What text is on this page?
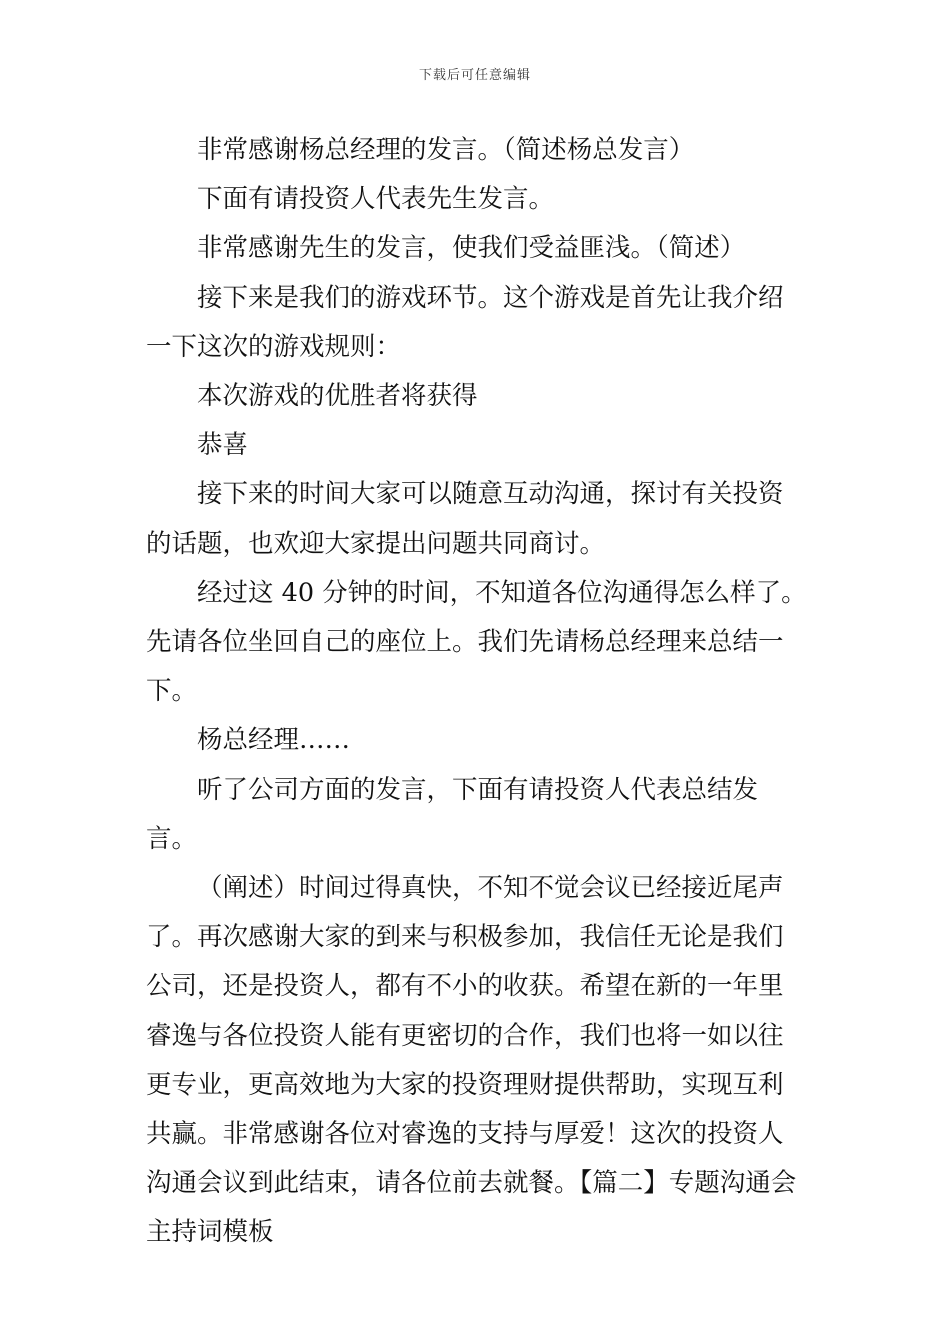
下载后可任意编辑

非常感谢杨总经理的发言。（简述杨总发言）

下面有请投资人代表先生发言。

非常感谢先生的发言，使我们受益匪浅。（简述）

接下来是我们的游戏环节。这个游戏是首先让我介绍一下这次的游戏规则：

本次游戏的优胜者将获得

恭喜

接下来的时间大家可以随意互动沟通，探讨有关投资的话题，也欢迎大家提出问题共同商讨。

经过这 40 分钟的时间，不知道各位沟通得怎么样了。先请各位坐回自己的座位上。我们先请杨总经理来总结一下。

杨总经理……

听了公司方面的发言，下面有请投资人代表总结发言。

（阐述）时间过得真快，不知不觉会议已经接近尾声了。再次感谢大家的到来与积极参加，我信任无论是我们公司，还是投资人，都有不小的收获。希望在新的一年里睿逸与各位投资人能有更密切的合作，我们也将一如以往更专业，更高效地为大家的投资理财提供帮助，实现互利共赢。非常感谢各位对睿逸的支持与厚爱！这次的投资人沟通会议到此结束，请各位前去就餐。【篇二】专题沟通会主持词模板
